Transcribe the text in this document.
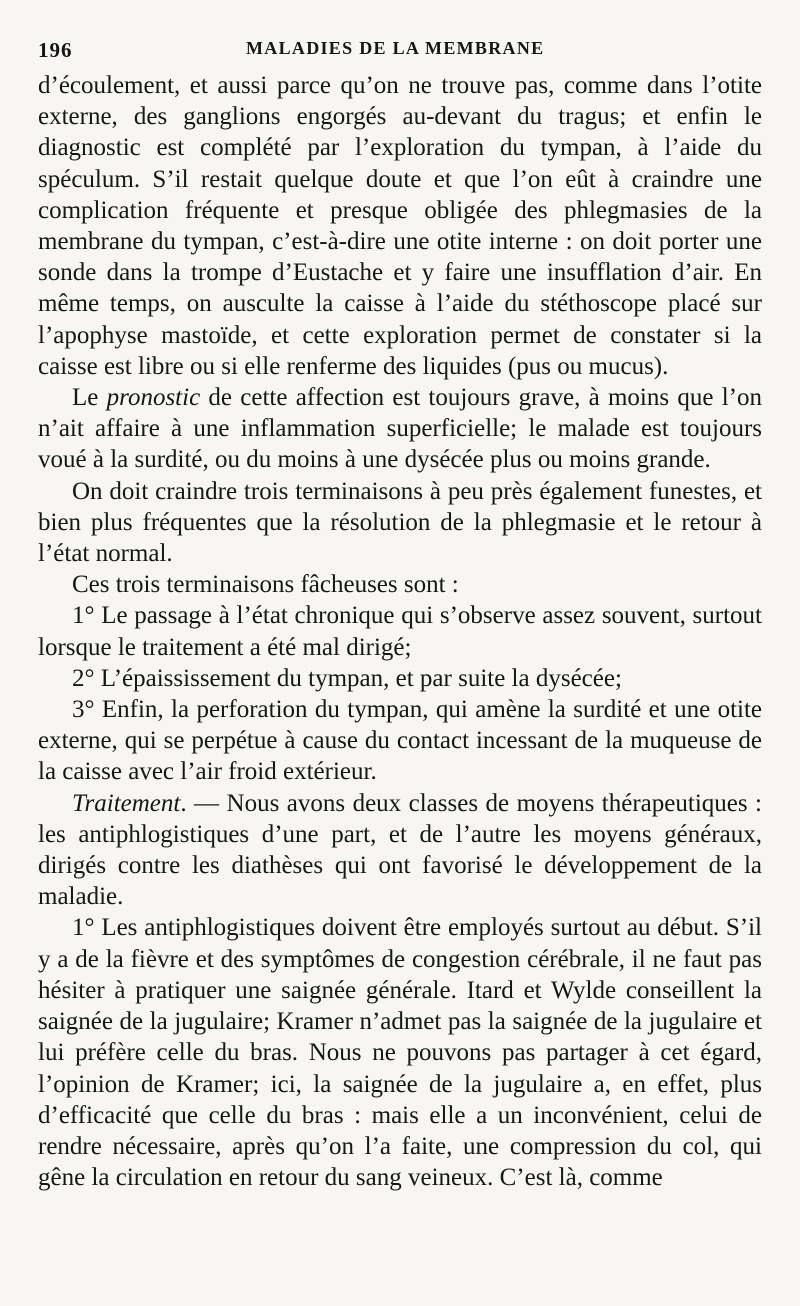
196	MALADIES DE LA MEMBRANE

d’écoulement, et aussi parce qu’on ne trouve pas, comme dans l’otite externe, des ganglions engorgés au-devant du tragus; et enfin le diagnostic est complété par l’exploration du tympan, à l’aide du spéculum. S’il restait quelque doute et que l’on eût à craindre une complication fréquente et presque obligée des phlegmasies de la membrane du tympan, c’est-à-dire une otite interne : on doit porter une sonde dans la trompe d’Eustache et y faire une insufflation d’air. En même temps, on ausculte la caisse à l’aide du stéthoscope placé sur l’apophyse mastoïde, et cette exploration permet de constater si la caisse est libre ou si elle renferme des liquides (pus ou mucus).

Le pronostic de cette affection est toujours grave, à moins que l’on n’ait affaire à une inflammation superficielle; le malade est toujours voué à la surdité, ou du moins à une dysécée plus ou moins grande.

On doit craindre trois terminaisons à peu près également funestes, et bien plus fréquentes que la résolution de la phlegmasie et le retour à l’état normal.

Ces trois terminaisons fâcheuses sont :

1° Le passage à l’état chronique qui s’observe assez souvent, surtout lorsque le traitement a été mal dirigé;

2° L’épaississement du tympan, et par suite la dysécée;

3° Enfin, la perforation du tympan, qui amène la surdité et une otite externe, qui se perpétue à cause du contact incessant de la muqueuse de la caisse avec l’air froid extérieur.

Traitement. — Nous avons deux classes de moyens thérapeutiques : les antiphlogistiques d’une part, et de l’autre les moyens généraux, dirigés contre les diathèses qui ont favorisé le développement de la maladie.

1° Les antiphlogistiques doivent être employés surtout au début. S’il y a de la fièvre et des symptômes de congestion cérébrale, il ne faut pas hésiter à pratiquer une saignée générale. Itard et Wylde conseillent la saignée de la jugulaire; Kramer n’admet pas la saignée de la jugulaire et lui préfère celle du bras. Nous ne pouvons pas partager à cet égard, l’opinion de Kramer; ici, la saignée de la jugulaire a, en effet, plus d’efficacité que celle du bras : mais elle a un inconvénient, celui de rendre nécessaire, après qu’on l’a faite, une compression du col, qui gêne la circulation en retour du sang veineux. C’est là, comme
